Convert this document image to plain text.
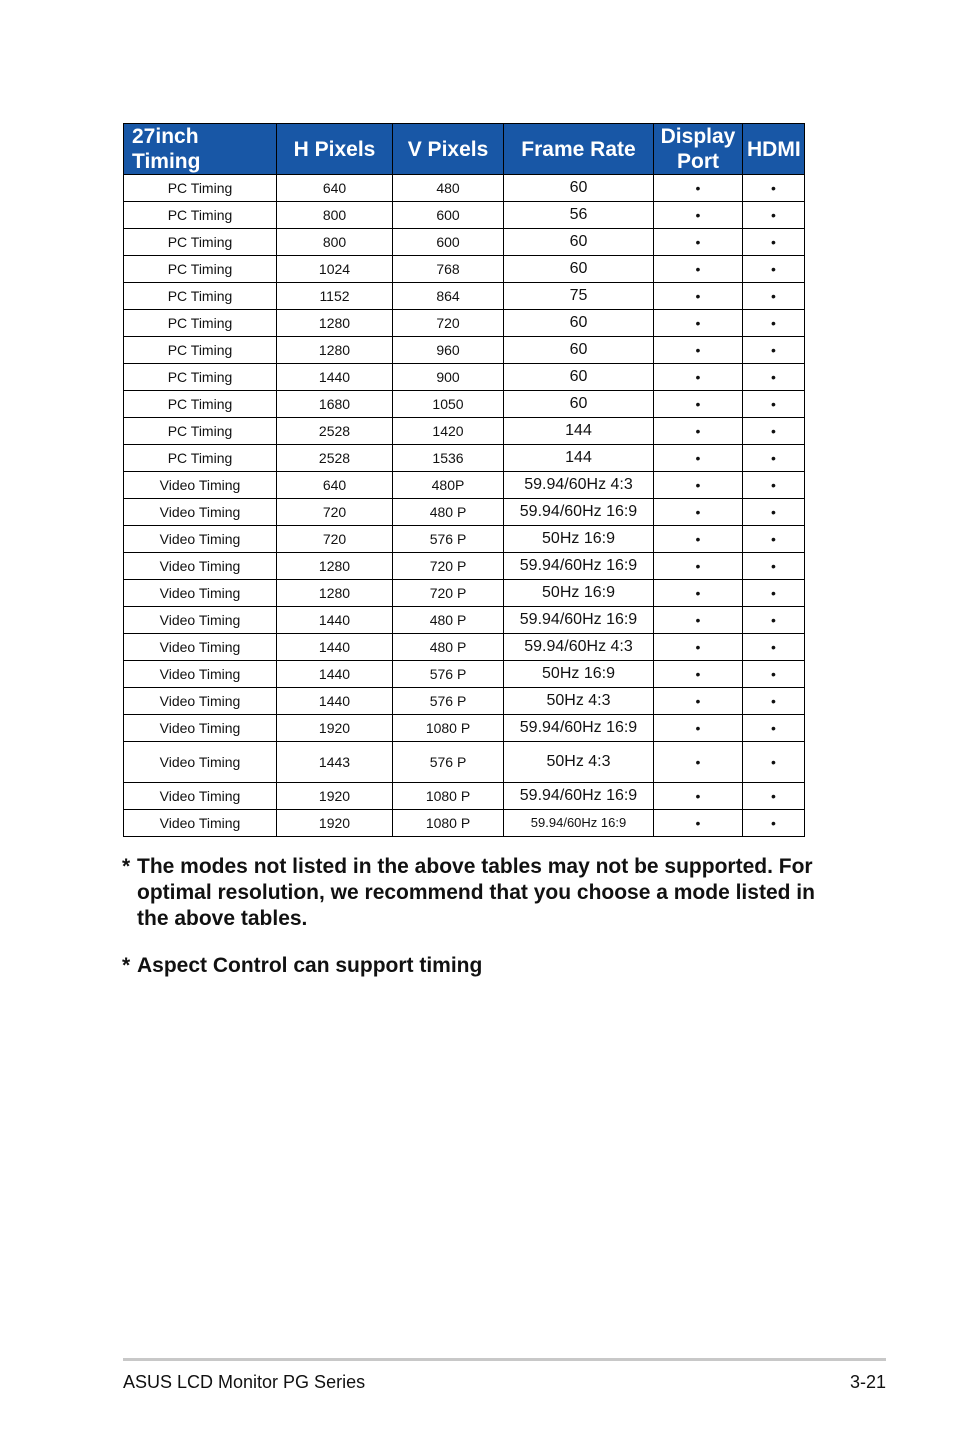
27inch Timing	H Pixels	V Pixels	Frame Rate	Display Port	HDMI
PC Timing	640	480	60	•	•
PC Timing	800	600	56	•	•
PC Timing	800	600	60	•	•
PC Timing	1024	768	60	•	•
PC Timing	1152	864	75	•	•
PC Timing	1280	720	60	•	•
PC Timing	1280	960	60	•	•
PC Timing	1440	900	60	•	•
PC Timing	1680	1050	60	•	•
PC Timing	2528	1420	144	•	•
PC Timing	2528	1536	144	•	•
Video Timing	640	480P	59.94/60Hz 4:3	•	•
Video Timing	720	480 P	59.94/60Hz 16:9	•	•
Video Timing	720	576 P	50Hz 16:9	•	•
Video Timing	1280	720 P	59.94/60Hz 16:9	•	•
Video Timing	1280	720 P	50Hz 16:9	•	•
Video Timing	1440	480 P	59.94/60Hz 16:9	•	•
Video Timing	1440	480 P	59.94/60Hz 4:3	•	•
Video Timing	1440	576 P	50Hz 16:9	•	•
Video Timing	1440	576 P	50Hz 4:3	•	•
Video Timing	1920	1080 P	59.94/60Hz 16:9	•	•
Video Timing	1443	576 P	50Hz 4:3	•	•
Video Timing	1920	1080 P	59.94/60Hz 16:9	•	•
Video Timing	1920	1080 P	59.94/60Hz 16:9	•	•
* The modes not listed in the above tables may not be supported. For optimal resolution, we recommend that you choose a mode listed in the above tables.
* Aspect Control can support timing
ASUS LCD Monitor PG Series	3-21
